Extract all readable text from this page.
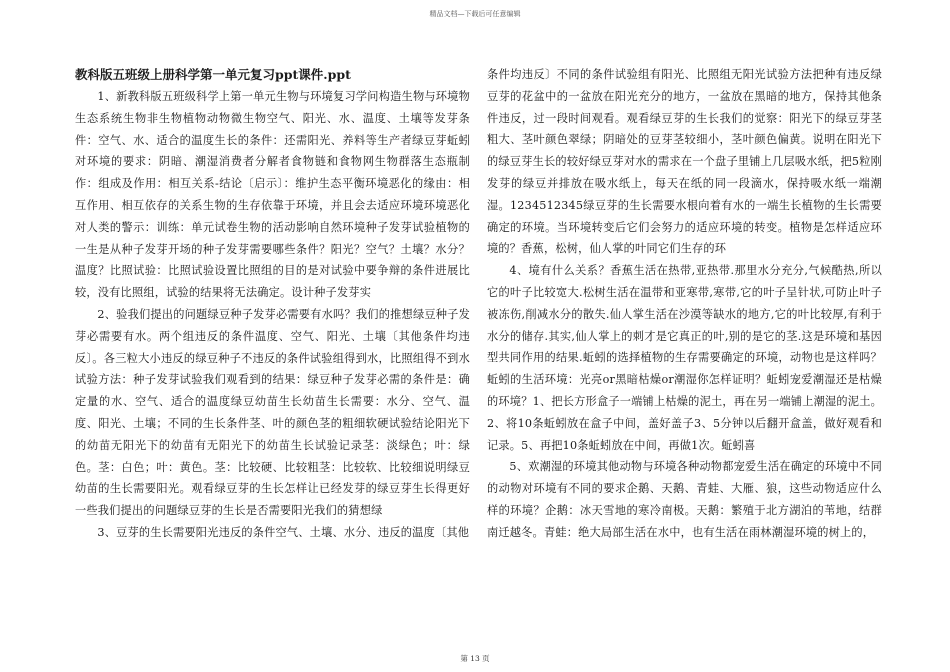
精品文档—下载后可任意编辑
教科版五班级上册科学第一单元复习ppt课件.ppt

1、新教科版五班级科学上第一单元生物与环境复习学问构造生物与环境物生态系统生物非生物植物动物微生物空气、阳光、水、温度、土壤等发芽条件：空气、水、适合的温度生长的条件：还需阳光、养料等生产者绿豆芽蚯蚓对环境的要求：阴暗、潮湿消费者分解者食物链和食物网生物群落生态瓶制作：组成及作用：相互关系-结论〔启示〕：维护生态平衡环境恶化的缘由：相互作用、相互依存的关系生物的生存依靠于环境，并且会去适应环境环境恶化对人类的警示：训练：单元试卷生物的活动影响自然环境种子发芽试验植物的一生是从种子发芽开场的种子发芽需要哪些条件？阳光？空气？土壤？水分？温度？比照试验：比照试验设置比照组的目的是对试验中要争辩的条件进展比较，没有比照组，试验的结果将无法确定。设计种子发芽实

2、验我们提出的问题绿豆种子发芽必需要有水吗？我们的推想绿豆种子发芽必需要有水。两个组违反的条件温度、空气、阳光、土壤〔其他条件均违反〕。各三粒大小违反的绿豆种子不违反的条件试验组得到水，比照组得不到水试验方法：种子发芽试验我们观看到的结果：绿豆种子发芽必需的条件是：确定量的水、空气、适合的温度绿豆幼苗生长幼苗生长需要：水分、空气、温度、阳光、土壤；不同的生长条件茎、叶的颜色茎的粗细软硬试验结论阳光下的幼苗无阳光下的幼苗有无阳光下的幼苗生长试验记录茎：淡绿色；叶：绿色。茎：白色；叶：黄色。茎：比较硬、比较粗茎：比较软、比较细说明绿豆幼苗的生长需要阳光。观看绿豆芽的生长怎样让已经发芽的绿豆芽生长得更好一些我们提出的问题绿豆芽的生长是否需要阳光我们的猜想绿

3、豆芽的生长需要阳光违反的条件空气、土壤、水分、违反的温度〔其他

条件均违反〕不同的条件试验组有阳光、比照组无阳光试验方法把种有违反绿豆芽的花盆中的一盆放在阳光充分的地方，一盆放在黑暗的地方，保持其他条件违反，过一段时间观看。观看绿豆芽的生长我们的觉察：阳光下的绿豆芽茎粗大、茎叶颜色翠绿；阴暗处的豆芽茎较细小，茎叶颜色偏黄。说明在阳光下的绿豆芽生长的较好绿豆芽对水的需求在一个盘子里铺上几层吸水纸，把5粒刚发芽的绿豆并排放在吸水纸上，每天在纸的同一段滴水，保持吸水纸一端潮湿。1234512345绿豆芽的生长需要水根向着有水的一端生长植物的生长需要确定的环境。当环境转变后它们会努力的适应环境的转变。植物是怎样适应环境的？香蕉，松树，仙人掌的叶同它们生存的环

4、境有什么关系？香蕉生活在热带,亚热带.那里水分充分,气候酷热,所以它的叶子比较宽大.松树生活在温带和亚寒带,寒带,它的叶子呈针状,可防止叶子被冻伤,削减水分的散失.仙人掌生活在沙漠等缺水的地方,它的叶比较厚,有利于水分的储存.其实,仙人掌上的刺才是它真正的叶,别的是它的茎.这是环境和基因型共同作用的结果.蚯蚓的选择植物的生存需要确定的环境，动物也是这样吗？蚯蚓的生活环境：光亮or黑暗枯燥or潮湿你怎样证明？蚯蚓宠爱潮湿还是枯燥的环境？1、把长方形盒子一端铺上枯燥的泥土，再在另一端铺上潮湿的泥土。2、将10条蚯蚓放在盒子中间，盖好盖子3、5分钟以后翻开盒盖，做好观看和记录。5、再把10条蚯蚓放在中间，再做1次。蚯蚓喜

5、欢潮湿的环境其他动物与环境各种动物都宠爱生活在确定的环境中不同的动物对环境有不同的要求企鹅、天鹅、青蛙、大雁、狼，这些动物适应什么样的环境？企鹅：冰天雪地的寒冷南极。天鹅：繁殖于北方湖泊的苇地，结群南迁越冬。青蛙：绝大局部生活在水中，也有生活在雨林潮湿环境的树上的，

第 13 页
